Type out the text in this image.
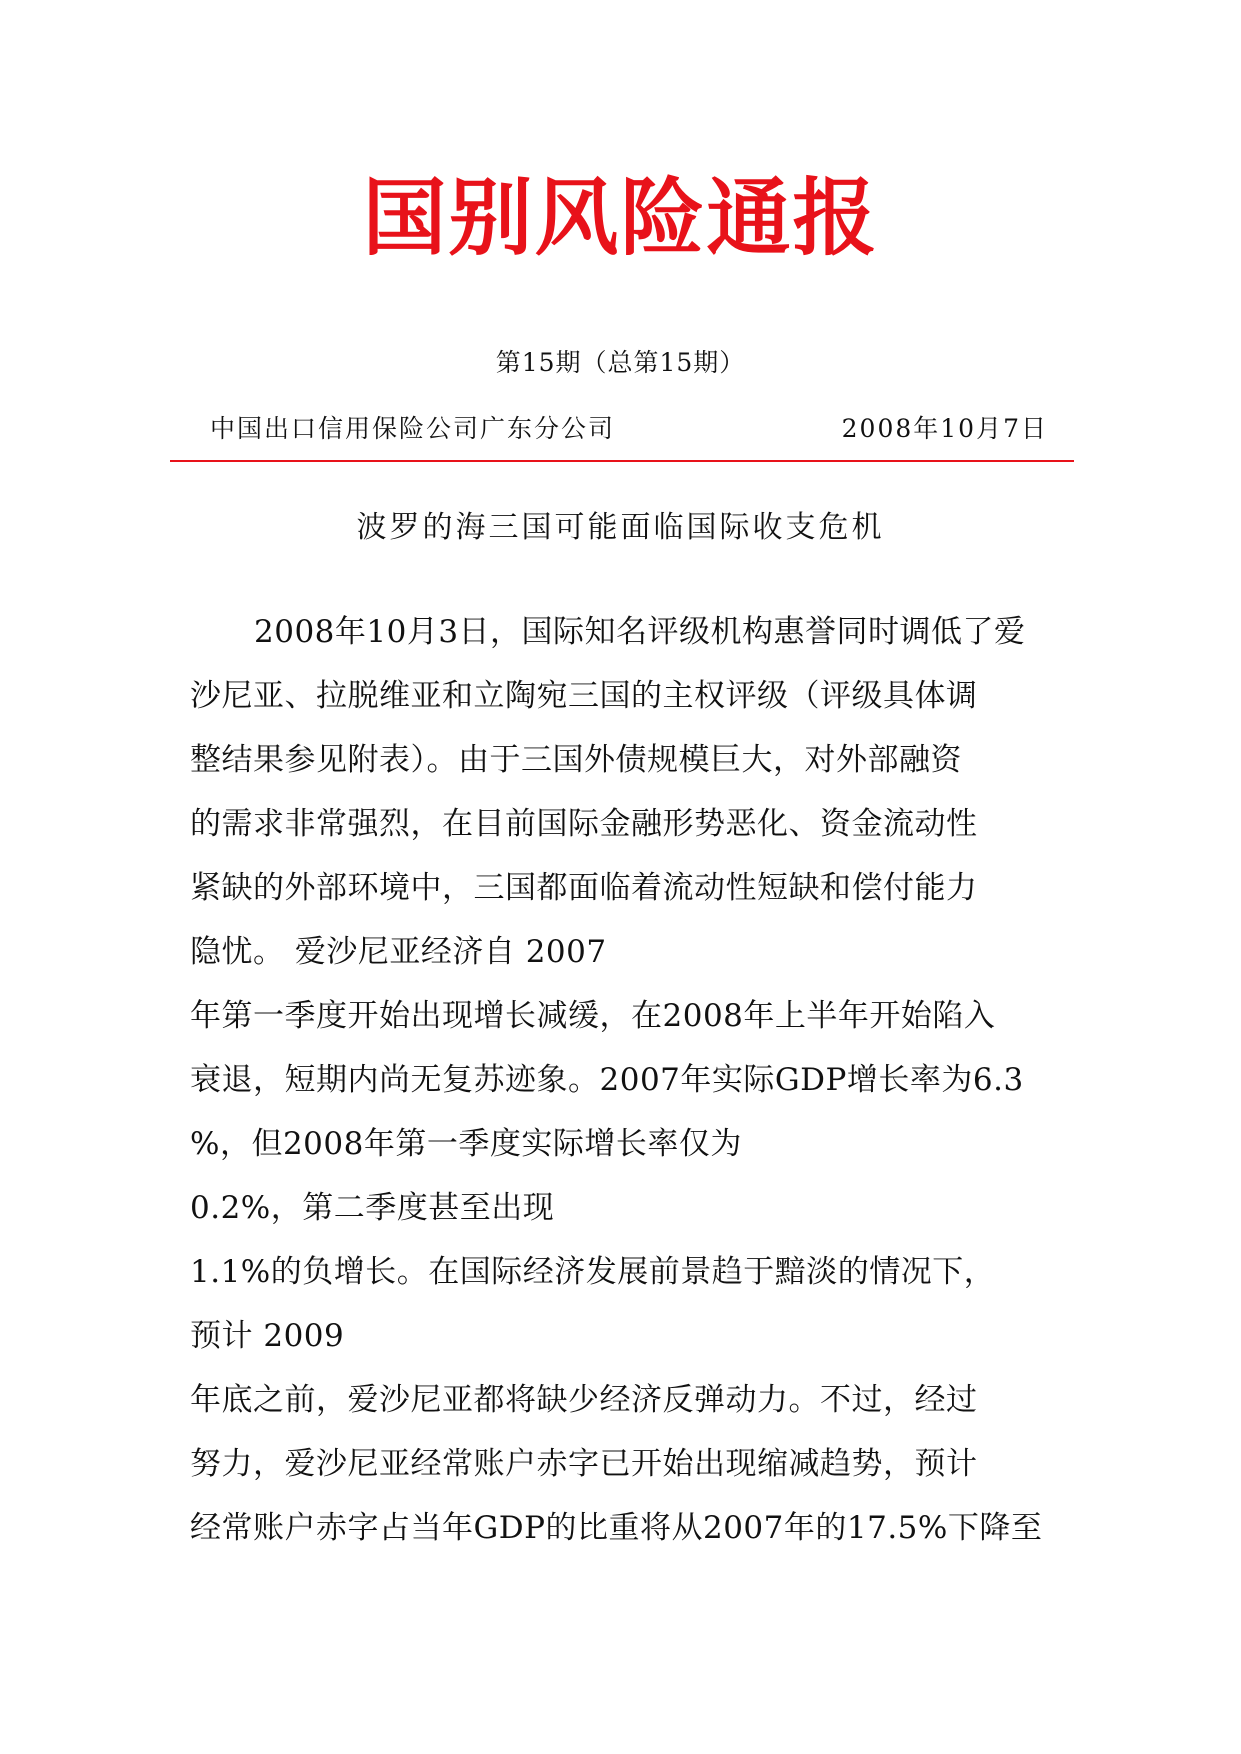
国别风险通报
第15期（总第15期）
中国出口信用保险公司广东分公司	2008年10月7日
波罗的海三国可能面临国际收支危机
2008年10月3日，国际知名评级机构惠誉同时调低了爱
沙尼亚、拉脱维亚和立陶宛三国的主权评级（评级具体调
整结果参见附表）。由于三国外债规模巨大，对外部融资
的需求非常强烈，在目前国际金融形势恶化、资金流动性
紧缺的外部环境中，三国都面临着流动性短缺和偿付能力
隐忧。 爱沙尼亚经济自 2007
年第一季度开始出现增长减缓，在2008年上半年开始陷入
衰退，短期内尚无复苏迹象。2007年实际GDP增长率为6.3
%，但2008年第一季度实际增长率仅为
0.2%，第二季度甚至出现
1.1%的负增长。在国际经济发展前景趋于黯淡的情况下，
预计 2009
年底之前，爱沙尼亚都将缺少经济反弹动力。不过，经过
努力，爱沙尼亚经常账户赤字已开始出现缩减趋势，预计
经常账户赤字占当年GDP的比重将从2007年的17.5%下降至
